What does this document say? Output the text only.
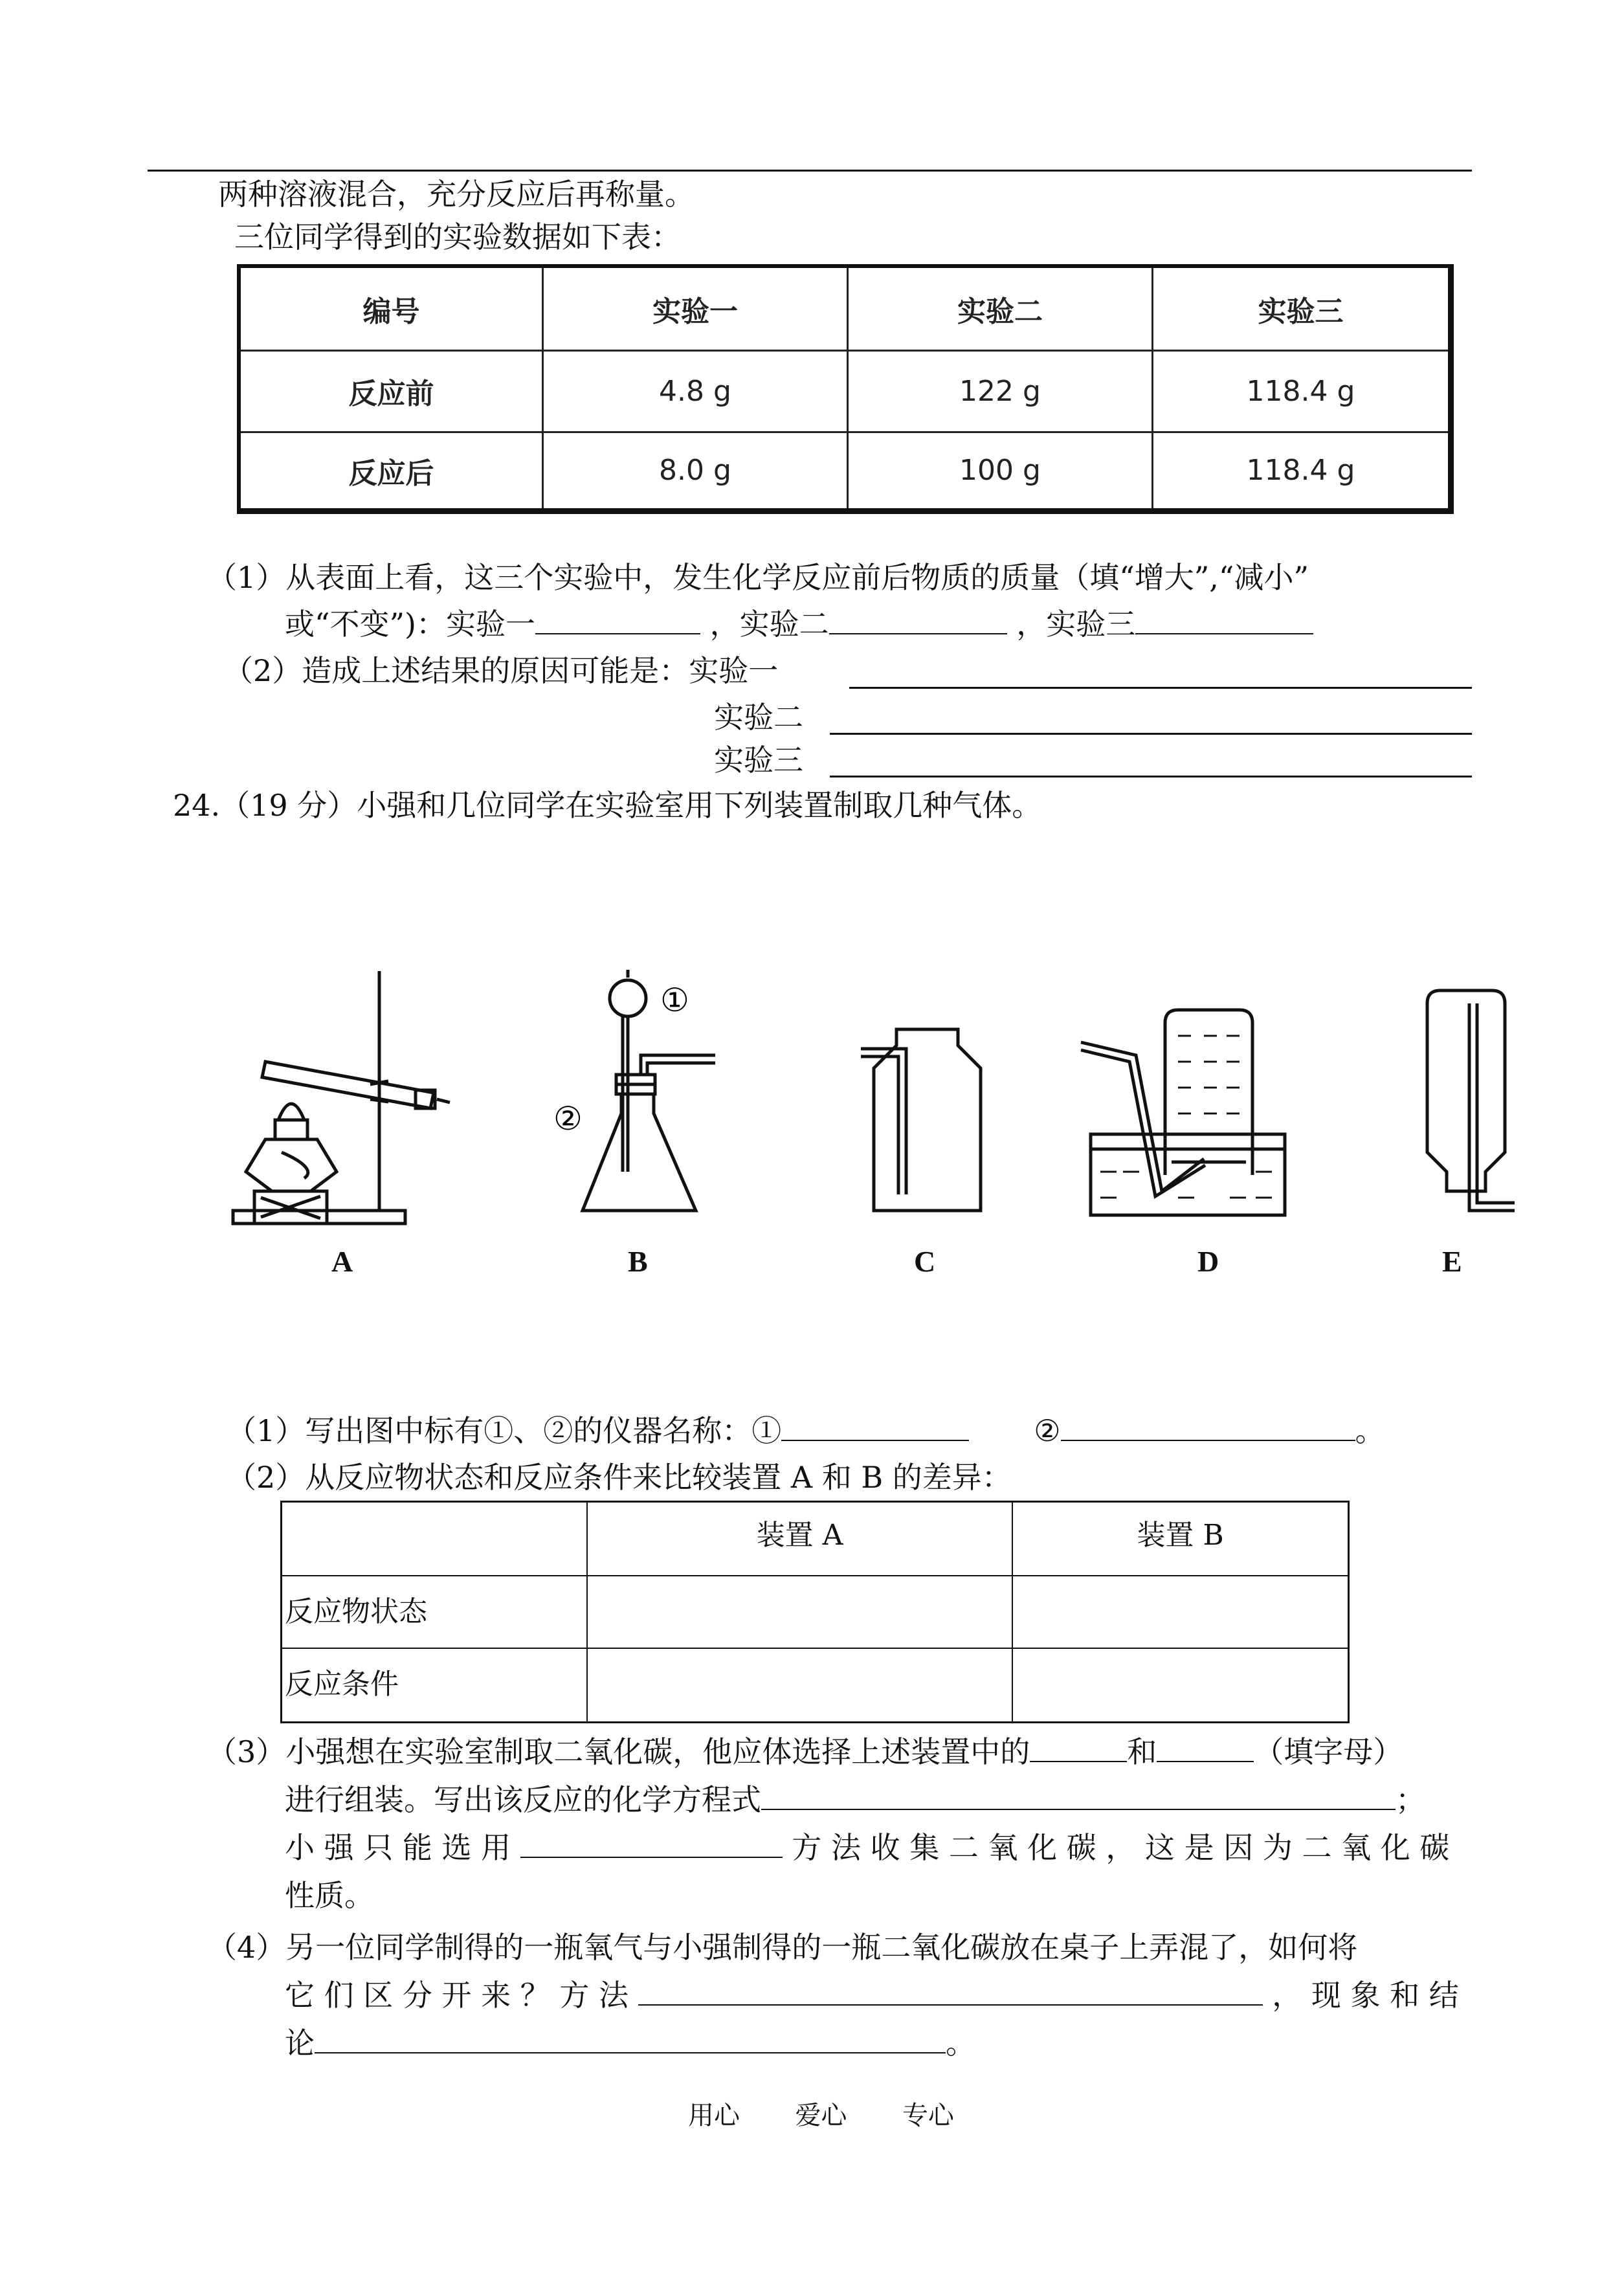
两种溶液混合，充分反应后再称量。
三位同学得到的实验数据如下表：
编号	实验一	实验二	实验三
反应前	4.8 g	122 g	118.4 g
反应后	8.0 g	100 g	118.4 g
（1）从表面上看，这三个实验中，发生化学反应前后物质的质量（填“增大”,“减小”
或“不变”)：实验一	，实验二	，实验三
（2）造成上述结果的原因可能是：实验一
实验二
实验三
24.（19 分）小强和几位同学在实验室用下列装置制取几种气体。
①
②
A	B	C	D	E
（1）写出图中标有①、②的仪器名称：①	②	。
（2）从反应物状态和反应条件来比较装置 A 和 B 的差异：
	装置 A	装置 B
反应物状态		
反应条件		
（3）小强想在实验室制取二氧化碳，他应体选择上述装置中的	和	（填字母）
进行组装。写出该反应的化学方程式	；
小 强 只 能 选 用	方 法 收 集 二 氧 化 碳 ， 这 是 因 为 二 氧 化 碳
性质。
（4）另一位同学制得的一瓶氧气与小强制得的一瓶二氧化碳放在桌子上弄混了，如何将
它 们 区 分 开 来 ？ 方 法	， 现 象 和 结
论	。
用心 爱心 专心
